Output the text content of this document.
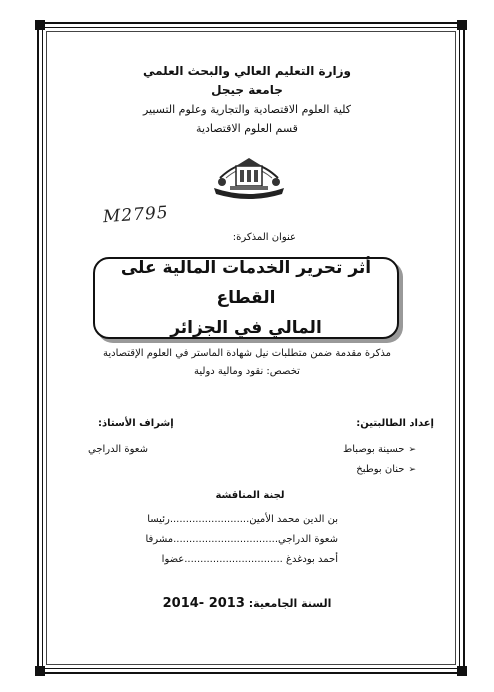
وزارة التعليم العالي والبحث العلمي
جامعة جيجل
كلية العلوم الاقتصادية والتجارية وعلوم التسيير
قسم العلوم الاقتصادية
M2795
عنوان المذكرة:
أثر تحرير الخدمات المالية على القطاع
المالي في الجزائر
مذكرة مقدمة ضمن متطلبات نيل شهادة الماستر في العلوم الإقتصادية
تخصص: نقود ومالية دولية
إعداد الطالبتين:
إشراف الأستاذ:
➢حسينة بوصباط
➢حنان بوطبخ
شعوة الدراجي
لجنة المناقشة
بن الدين محمد الأمين.........................رئيسا
شعوة الدراجي.................................مشرفا
أحمد بودغدغ ...............................عضوا
السنة الجامعية: 2013 -2014
